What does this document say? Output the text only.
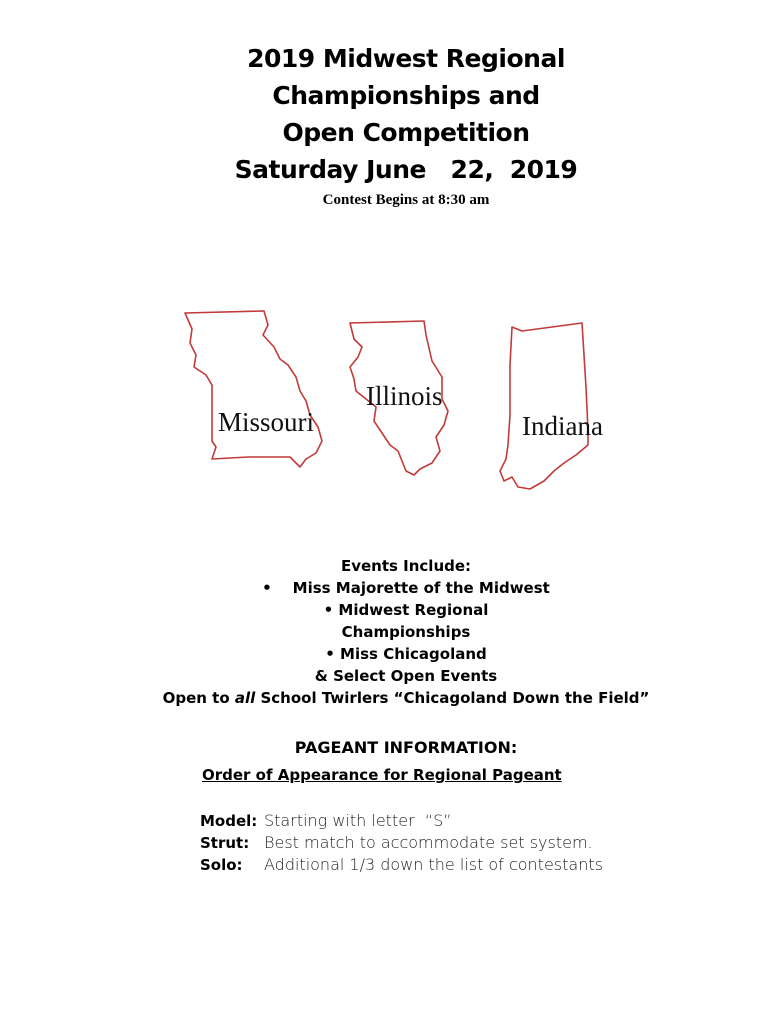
2019 Midwest Regional
Championships and
Open Competition
Saturday June   22,  2019
Contest Begins at 8:30 am
Missouri
Illinois
Indiana
Events Include:
•    Miss Majorette of the Midwest
• Midwest Regional
Championships
• Miss Chicagoland
& Select Open Events
Open to all School Twirlers “Chicagoland Down the Field”
PAGEANT INFORMATION:
Order of Appearance for Regional Pageant
Model: Starting with letter  “S”
Strut: Best match to accommodate set system.
Solo:	Additional 1/3 down the list of contestants
